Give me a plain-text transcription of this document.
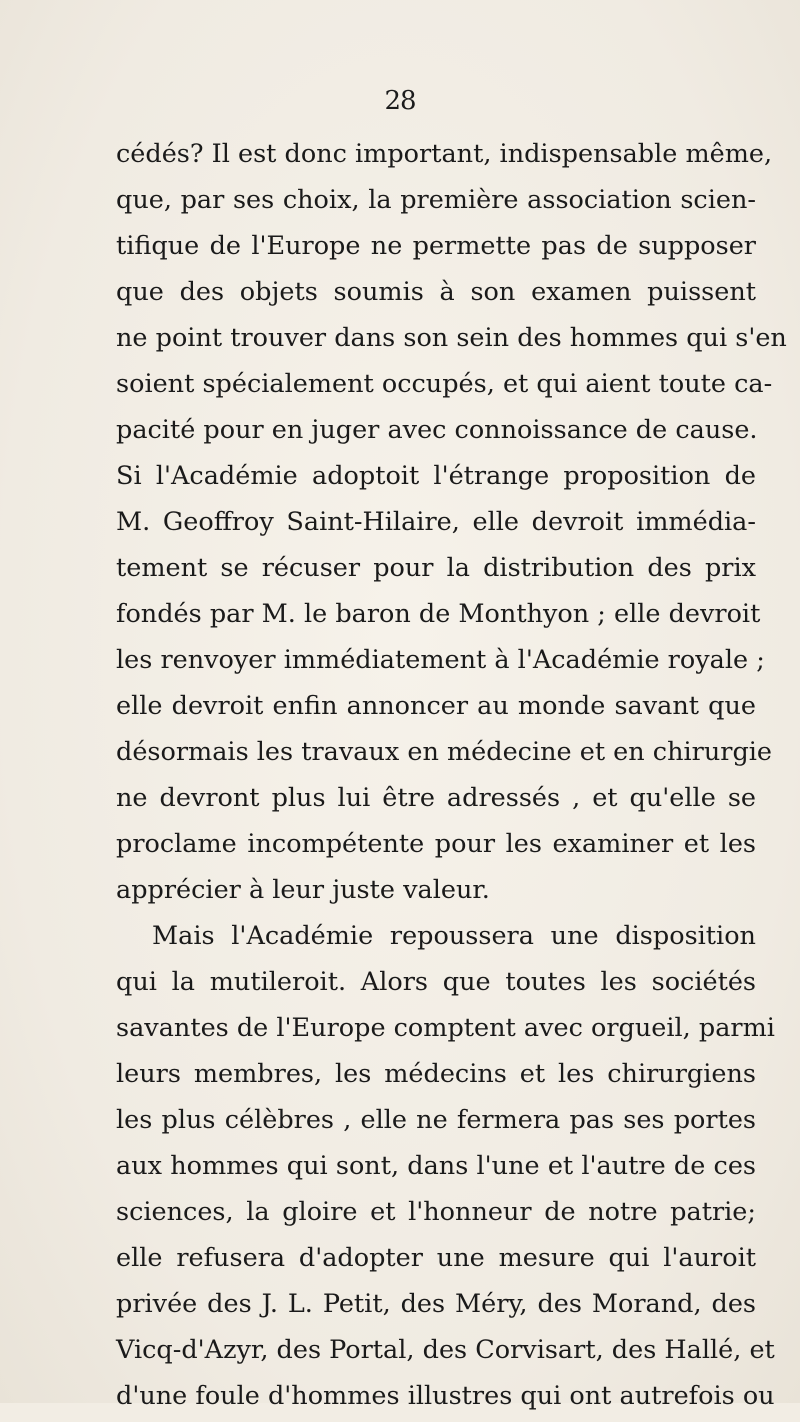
28
cédés? Il est donc important, indispensable même,
que, par ses choix, la première association scien-
tifique de l'Europe ne permette pas de supposer
que des objets soumis à son examen puissent
ne point trouver dans son sein des hommes qui s'en
soient spécialement occupés, et qui aient toute ca-
pacité pour en juger avec connoissance de cause.
Si l'Académie adoptoit l'étrange proposition de
M. Geoffroy Saint-Hilaire, elle devroit immédia-
tement se récuser pour la distribution des prix
fondés par M. le baron de Monthyon ; elle devroit
les renvoyer immédiatement à l'Académie royale ;
elle devroit enfin annoncer au monde savant que
désormais les travaux en médecine et en chirurgie
ne devront plus lui être adressés , et qu'elle se
proclame incompétente pour les examiner et les
apprécier à leur juste valeur.
Mais l'Académie repoussera une disposition
qui la mutileroit. Alors que toutes les sociétés
savantes de l'Europe comptent avec orgueil, parmi
leurs membres, les médecins et les chirurgiens
les plus célèbres , elle ne fermera pas ses portes
aux hommes qui sont, dans l'une et l'autre de ces
sciences, la gloire et l'honneur de notre patrie;
elle refusera d'adopter une mesure qui l'auroit
privée des J. L. Petit, des Méry, des Morand, des
Vicq-d'Azyr, des Portal, des Corvisart, des Hallé, et
d'une foule d'hommes illustres qui ont autrefois ou
